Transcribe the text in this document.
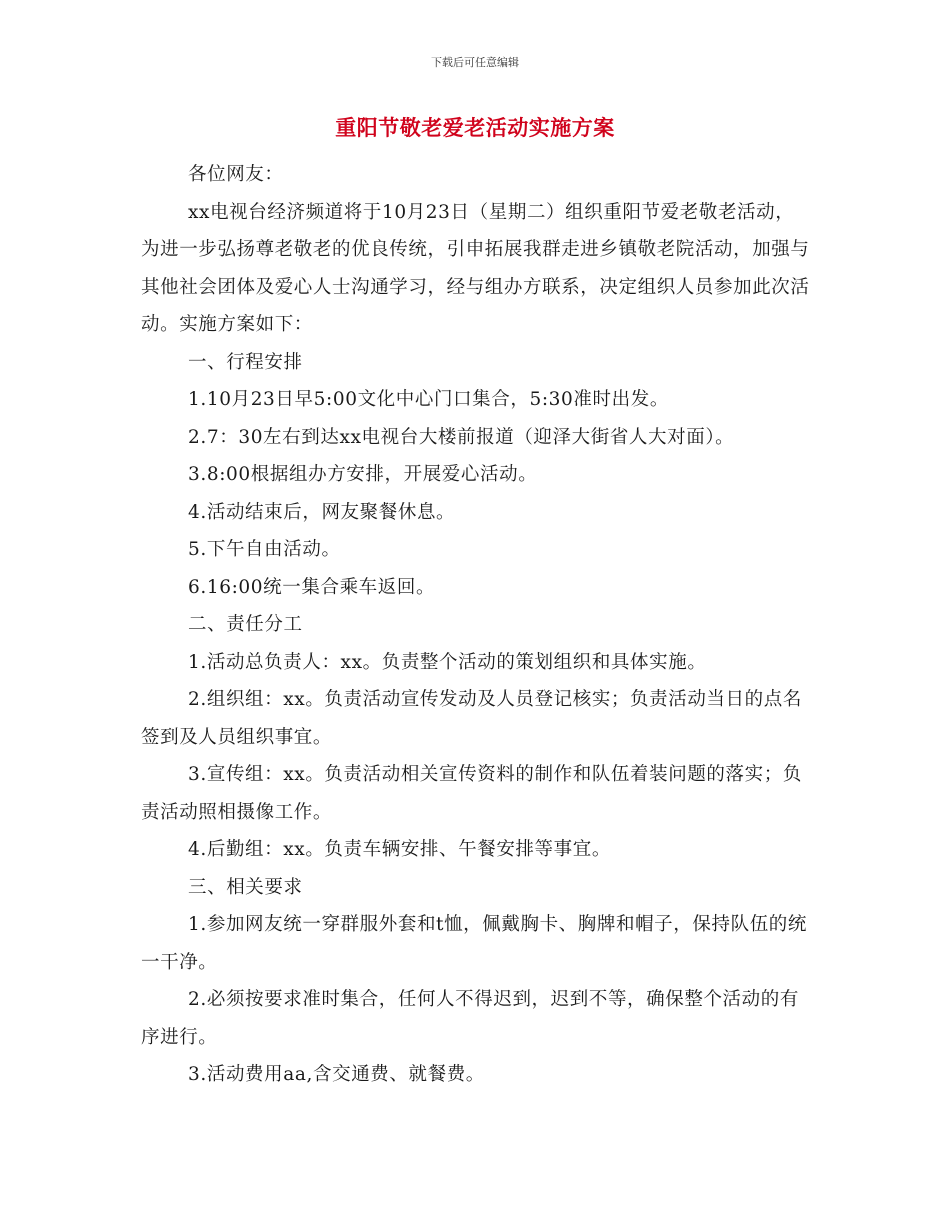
下载后可任意编辑
重阳节敬老爱老活动实施方案

各位网友：

xx电视台经济频道将于10月23日（星期二）组织重阳节爱老敬老活动，为进一步弘扬尊老敬老的优良传统，引申拓展我群走进乡镇敬老院活动，加强与其他社会团体及爱心人士沟通学习，经与组办方联系，决定组织人员参加此次活动。实施方案如下：

一、行程安排

1.10月23日早5:00文化中心门口集合，5:30准时出发。

2.7：30左右到达xx电视台大楼前报道（迎泽大街省人大对面）。

3.8:00根据组办方安排，开展爱心活动。

4.活动结束后，网友聚餐休息。

5.下午自由活动。

6.16:00统一集合乘车返回。

二、责任分工

1.活动总负责人：xx。负责整个活动的策划组织和具体实施。

2.组织组：xx。负责活动宣传发动及人员登记核实；负责活动当日的点名签到及人员组织事宜。

3.宣传组：xx。负责活动相关宣传资料的制作和队伍着装问题的落实；负责活动照相摄像工作。

4.后勤组：xx。负责车辆安排、午餐安排等事宜。

三、相关要求

1.参加网友统一穿群服外套和t恤，佩戴胸卡、胸牌和帽子，保持队伍的统一干净。

2.必须按要求准时集合，任何人不得迟到，迟到不等，确保整个活动的有序进行。

3.活动费用aa,含交通费、就餐费。
